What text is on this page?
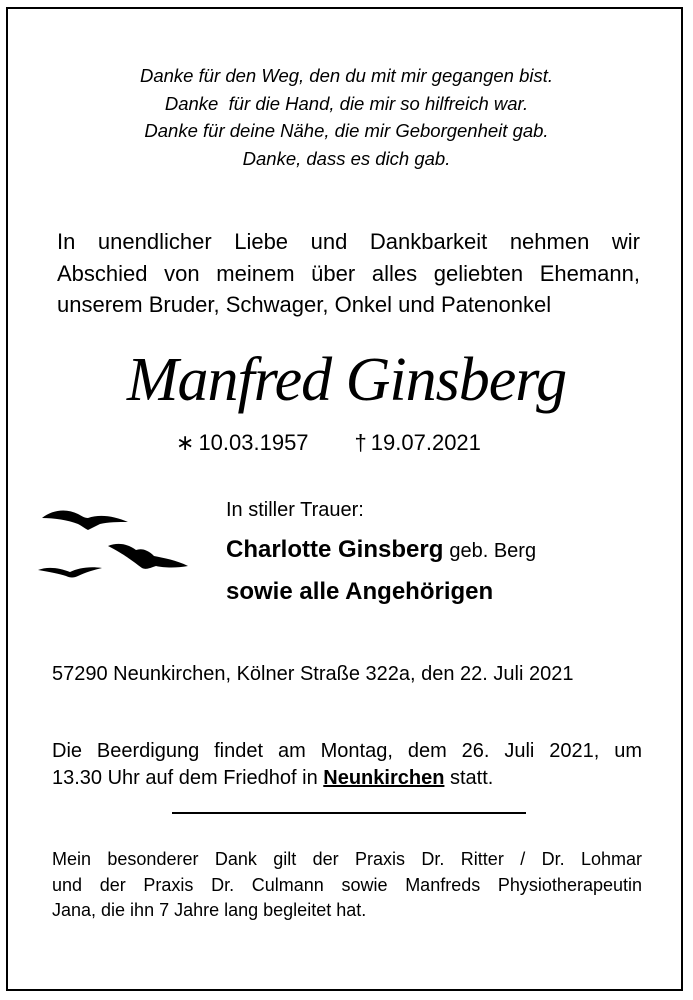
Danke für den Weg, den du mit mir gegangen bist.
Danke  für die Hand, die mir so hilfreich war.
Danke für deine Nähe, die mir Geborgenheit gab.
Danke, dass es dich gab.
In unendlicher Liebe und Dankbarkeit nehmen wir
Abschied von meinem über alles geliebten Ehemann,
unserem Bruder, Schwager, Onkel und Patenonkel
Manfred Ginsberg
∗ 10.03.1957 † 19.07.2021
In stiller Trauer:
Charlotte Ginsberg geb. Berg
sowie alle Angehörigen
57290 Neunkirchen, Kölner Straße 322a, den 22. Juli 2021
Die Beerdigung findet am Montag, dem 26. Juli 2021, um
13.30 Uhr auf dem Friedhof in Neunkirchen statt.
Mein besonderer Dank gilt der Praxis Dr. Ritter / Dr. Lohmar
und der Praxis Dr. Culmann sowie Manfreds Physiotherapeutin
Jana, die ihn 7 Jahre lang begleitet hat.
